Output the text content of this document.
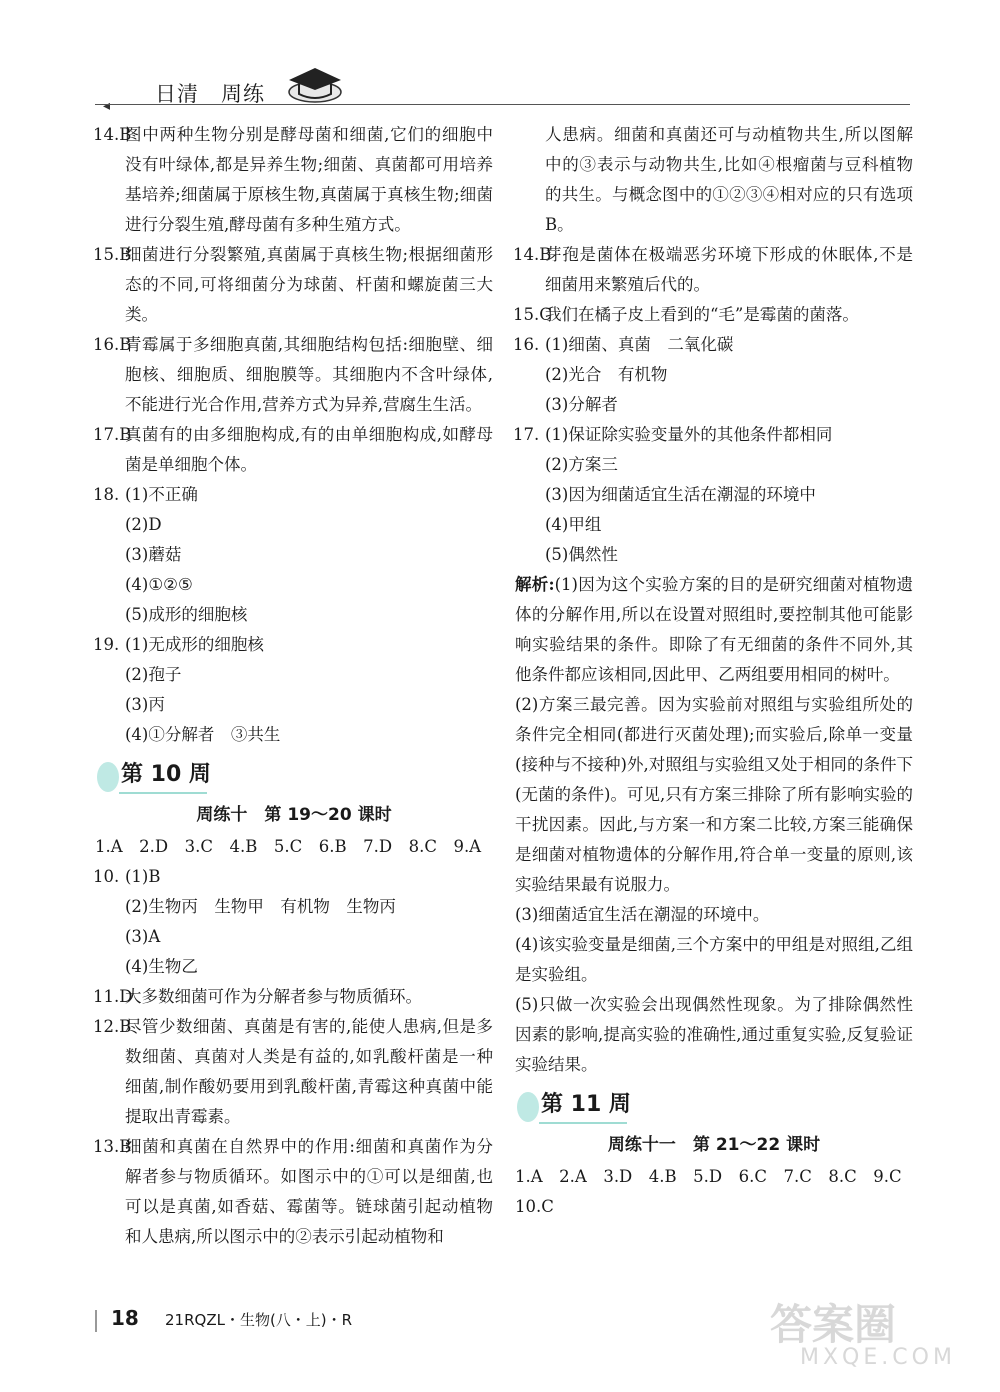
◂ 日清　周练
14.B
图中两种生物分别是酵母菌和细菌,它们的细胞中没有叶绿体,都是异养生物;细菌、真菌都可用培养基培养;细菌属于原核生物,真菌属于真核生物;细菌进行分裂生殖,酵母菌有多种生殖方式。
15.B
细菌进行分裂繁殖,真菌属于真核生物;根据细菌形态的不同,可将细菌分为球菌、杆菌和螺旋菌三大类。
16.B
青霉属于多细胞真菌,其细胞结构包括:细胞壁、细胞核、细胞质、细胞膜等。其细胞内不含叶绿体,不能进行光合作用,营养方式为异养,营腐生生活。
17.B
真菌有的由多细胞构成,有的由单细胞构成,如酵母菌是单细胞个体。
18. (1)不正确
(2)D
(3)蘑菇
(4)①②⑤
(5)成形的细胞核
19. (1)无成形的细胞核
(2)孢子
(3)丙
(4)①分解者　③共生
第 10 周
周练十　第 19～20 课时
1.A　2.D　3.C　4.B　5.C　6.B　7.D　8.C　9.A
10. (1)B
(2)生物丙　生物甲　有机物　生物丙
(3)A
(4)生物乙
11.D
大多数细菌可作为分解者参与物质循环。
12.B
尽管少数细菌、真菌是有害的,能使人患病,但是多数细菌、真菌对人类是有益的,如乳酸杆菌是一种细菌,制作酸奶要用到乳酸杆菌,青霉这种真菌中能提取出青霉素。
13.B
细菌和真菌在自然界中的作用:细菌和真菌作为分解者参与物质循环。如图示中的①可以是细菌,也可以是真菌,如香菇、霉菌等。链球菌引起动植物和人患病,所以图示中的②表示引起动植物和
人患病。细菌和真菌还可与动植物共生,所以图解中的③表示与动物共生,比如④根瘤菌与豆科植物的共生。与概念图中的①②③④相对应的只有选项 B。
14.B
芽孢是菌体在极端恶劣环境下形成的休眠体,不是细菌用来繁殖后代的。
15.C
我们在橘子皮上看到的“毛”是霉菌的菌落。
16. (1)细菌、真菌　二氧化碳
(2)光合　有机物
(3)分解者
17. (1)保证除实验变量外的其他条件都相同
(2)方案三
(3)因为细菌适宜生活在潮湿的环境中
(4)甲组
(5)偶然性
解析:(1)因为这个实验方案的目的是研究细菌对植物遗体的分解作用,所以在设置对照组时,要控制其他可能影响实验结果的条件。即除了有无细菌的条件不同外,其他条件都应该相同,因此甲、乙两组要用相同的树叶。
(2)方案三最完善。因为实验前对照组与实验组所处的条件完全相同(都进行灭菌处理);而实验后,除单一变量(接种与不接种)外,对照组与实验组又处于相同的条件下(无菌的条件)。可见,只有方案三排除了所有影响实验的干扰因素。因此,与方案一和方案二比较,方案三能确保是细菌对植物遗体的分解作用,符合单一变量的原则,该实验结果最有说服力。
(3)细菌适宜生活在潮湿的环境中。
(4)该实验变量是细菌,三个方案中的甲组是对照组,乙组是实验组。
(5)只做一次实验会出现偶然性现象。为了排除偶然性因素的影响,提高实验的准确性,通过重复实验,反复验证实验结果。
第 11 周
周练十一　第 21～22 课时
1.A　2.A　3.D　4.B　5.D　6.C　7.C　8.C　9.C
10.C
18 21RQZL・生物(八・上)・R	答案圈
MXQE.COM
